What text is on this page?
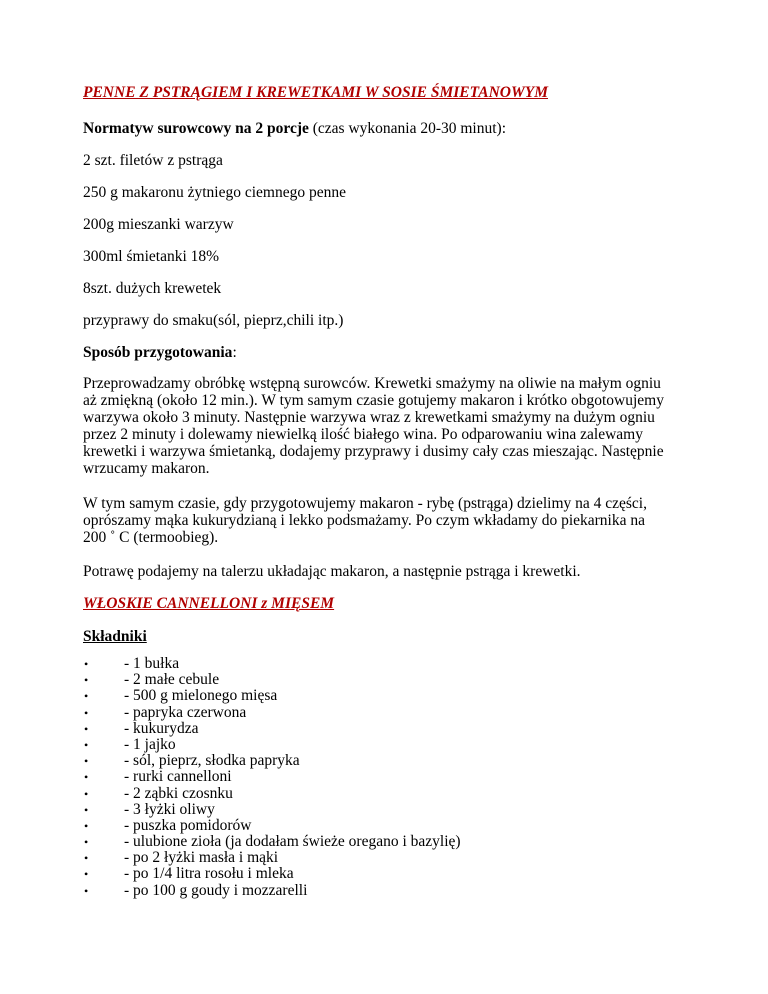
PENNE Z PSTRĄGIEM I KREWETKAMI W SOSIE ŚMIETANOWYM

Normatyw surowcowy na 2 porcje (czas wykonania 20-30 minut):

2 szt. filetów z pstrąga

250 g makaronu żytniego ciemnego penne

200g mieszanki warzyw

300ml śmietanki 18%

8szt. dużych krewetek

przyprawy do smaku(sól, pieprz,chili itp.)

Sposób przygotowania:

Przeprowadzamy obróbkę wstępną surowców. Krewetki smażymy na oliwie na małym ogniu
aż zmiękną (około 12 min.). W tym samym czasie gotujemy makaron i krótko obgotowujemy
warzywa około 3 minuty. Następnie warzywa wraz z krewetkami smażymy na dużym ogniu
przez 2 minuty i dolewamy niewielką ilość białego wina. Po odparowaniu wina zalewamy
krewetki i warzywa śmietanką, dodajemy przyprawy i dusimy cały czas mieszając. Następnie
wrzucamy makaron.
W tym samym czasie, gdy przygotowujemy makaron - rybę (pstrąga) dzielimy na 4 części,
oprószamy mąka kukurydzianą i lekko podsmażamy. Po czym wkładamy do piekarnika na
200 ˚ C (termoobieg).

Potrawę podajemy na talerzu układając makaron, a następnie pstrąga i krewetki.

WŁOSKIE CANNELLONI z MIĘSEM

Składniki

• - 1 bułka
• - 2 małe cebule
• - 500 g mielonego mięsa
• - papryka czerwona
• - kukurydza
• - 1 jajko
• - sól, pieprz, słodka papryka
• - rurki cannelloni
• - 2 ząbki czosnku
• - 3 łyżki oliwy
• - puszka pomidorów
• - ulubione zioła (ja dodałam świeże oregano i bazylię)
• - po 2 łyżki masła i mąki
• - po 1/4 litra rosołu i mleka
• - po 100 g goudy i mozzarelli
